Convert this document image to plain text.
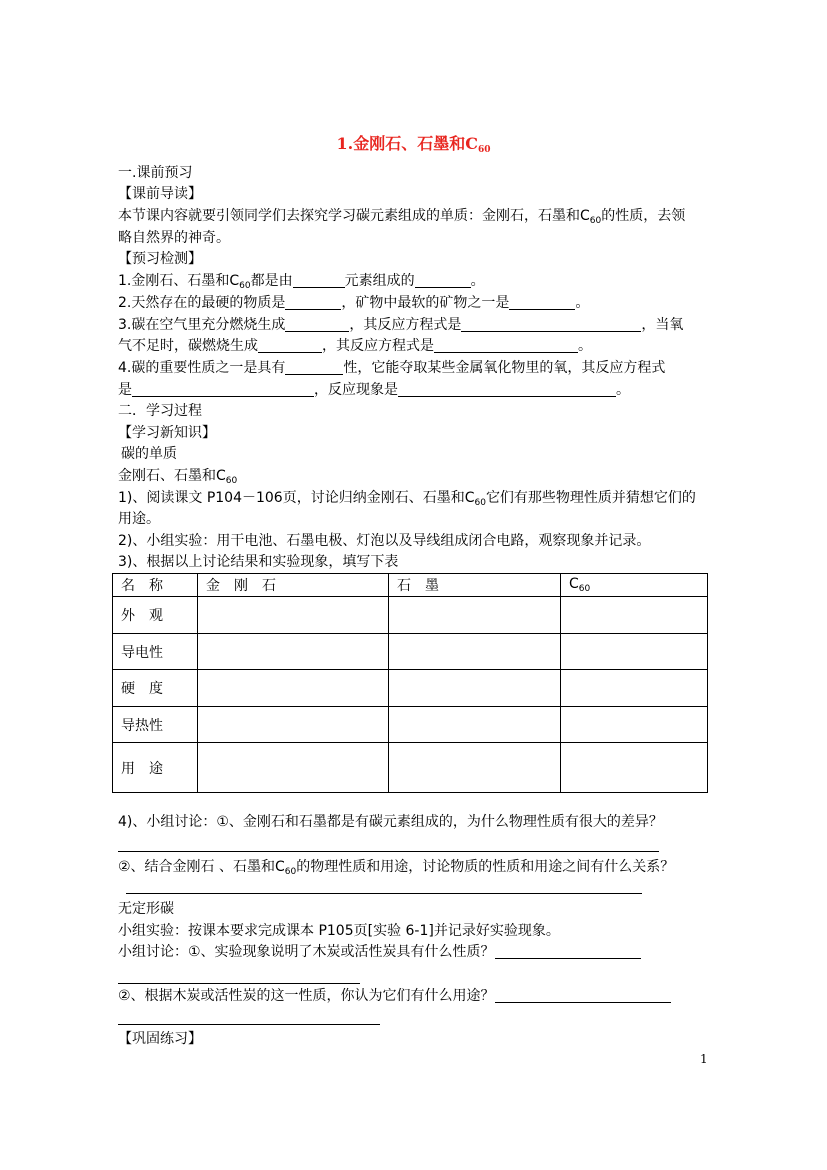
1.金刚石、石墨和$C_{60}$
一.课前预习
【课前导读】
本节课内容就要引领同学们去探究学习碳元素组成的单质：金刚石，石墨和$C_{60}$的性质，去领
略自然界的神奇。
【预习检测】
1.金刚石、石墨和$C_{60}$都是由	元素组成的	。
2.天然存在的最硬的物质是	，矿物中最软的矿物之一是	。
3.碳在空气里充分燃烧生成	，其反应方程式是	，当氧
气不足时，碳燃烧生成	，其反应方程式是	。
4.碳的重要性质之一是具有	性，它能夺取某些金属氧化物里的氧，其反应方程式
是	，反应现象是	。
二．学习过程
【学习新知识】
碳的单质
金刚石、石墨和$C_{60}$
1)、阅读课文 P104－106页，讨论归纳金刚石、石墨和$C_{60}$它们有那些物理性质并猜想它们的
用途。
2)、小组实验：用干电池、石墨电极、灯泡以及导线组成闭合电路，观察现象并记录。
3)、根据以上讨论结果和实验现象，填写下表
名　称	金　刚　石	石　墨	$C_{60}$
外　观			
导电性			
硬　度			
导热性			
用　途			
4)、小组讨论：①、金刚石和石墨都是有碳元素组成的，为什么物理性质有很大的差异？
②、结合金刚石 、石墨和$C_{60}$的物理性质和用途，讨论物质的性质和用途之间有什么关系？
无定形碳
小组实验：按课本要求完成课本 P105页[实验 6-1]并记录好实验现象。
小组讨论：①、实验现象说明了木炭或活性炭具有什么性质？
②、根据木炭或活性炭的这一性质，你认为它们有什么用途？
【巩固练习】
1
